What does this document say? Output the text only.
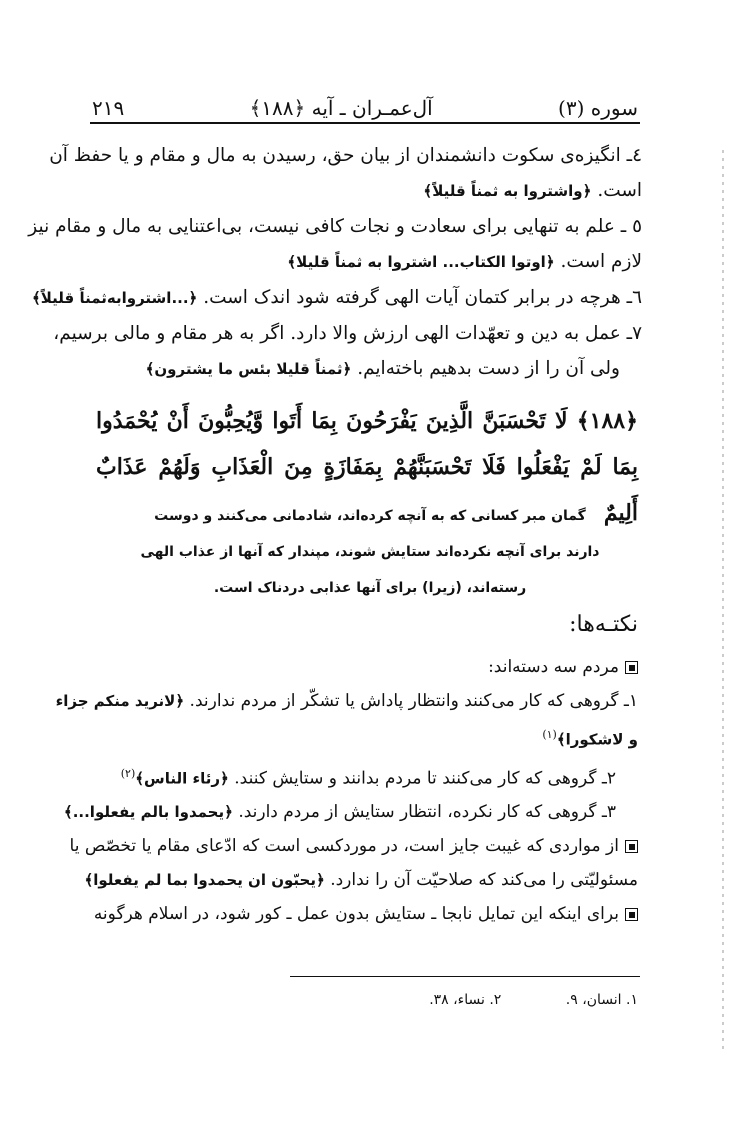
سوره (۳)
آل‌عمـران ـ آیه ﴿۱۸۸﴾
۲۱۹
٤ـ انگیزه‌ی سکوت دانشمندان از بیان حق، رسیدن به مال و مقام و یا حفظ آن
است. ﴿واشتروا به ثمناً قلیلاً﴾
٥ ـ علم به تنهایی برای سعادت و نجات کافی نیست، بی‌اعتنایی به مال و مقام نیز
لازم است. ﴿اوتوا الکتاب... اشتروا به ثمناً قلیلا﴾
٦ـ هرچه در برابر کتمان آیات الهی گرفته شود اندک است. ﴿...اشتروابه‌ثمناً قلیلاً﴾
٧ـ عمل به دین و تعهّدات الهی ارزش والا دارد. اگر به هر مقام و مالی برسیم،
ولی آن را از دست بدهیم باخته‌ایم. ﴿ثمناً قلیلا بئس ما یشترون﴾
﴿۱۸۸﴾ لَا تَحْسَبَنَّ الَّذِينَ يَفْرَحُونَ بِمَا أَتَوا وَّيُحِبُّونَ أَنْ يُحْمَدُوا بِمَا لَمْ يَفْعَلُوا فَلَا تَحْسَبَنَّهُمْ بِمَفَازَةٍ مِنَ الْعَذَابِ وَلَهُمْ عَذَابٌ أَلِيمٌ
گمان مبر کسانی که به آنچه کرده‌اند، شادمانی می‌کنند و دوست دارند برای آنچه نکرده‌اند ستایش شوند، مپندار که آنها از عذاب الهی رسته‌اند، (زیرا) برای آنها عذابی دردناک است.
نکتـه‌ها:
مردم سه دسته‌اند:
١ـ گروهی که کار می‌کنند وانتظار پاداش یا تشکّر از مردم ندارند. ﴿لانرید منکم جزاء
و لاشکورا﴾$^{(١)}$
٢ـ گروهی که کار می‌کنند تا مردم بدانند و ستایش کنند. ﴿رئاء الناس﴾$^{(٢)}$
٣ـ گروهی که کار نکرده، انتظار ستایش از مردم دارند. ﴿یحمدوا بالم یفعلوا...﴾
از مواردی که غیبت جایز است، در موردکسی است که ادّعای مقام یا تخصّص یا
مسئولیّتی را می‌کند که صلاحیّت آن را ندارد. ﴿یحبّون ان یحمدوا بما لم یفعلوا﴾
برای اینکه این تمایل نابجا ـ ستایش بدون عمل ـ کور شود، در اسلام هرگونه
١. انسان، ٩. ٢. نساء، ٣٨.
